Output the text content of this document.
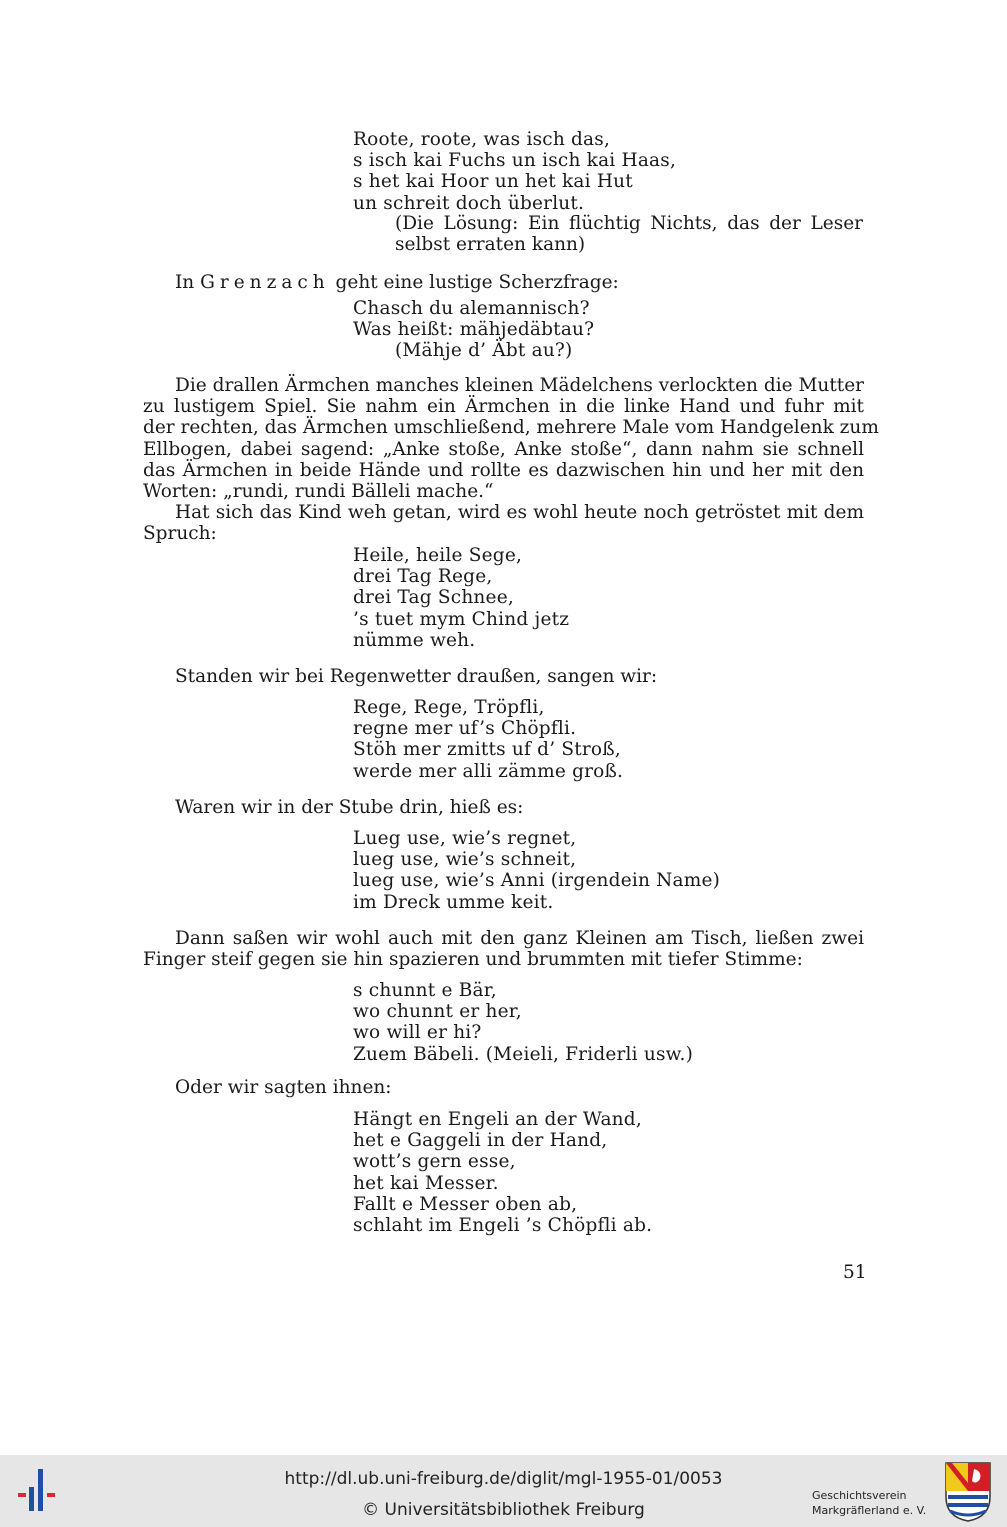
Roote, roote, was isch das,
s isch kai Fuchs un isch kai Haas,
s het kai Hoor un het kai Hut
un schreit doch überlut.
(Die Lösung: Ein flüchtig Nichts, das der Leser selbst erraten kann)
In Grenzach geht eine lustige Scherzfrage:
Chasch du alemannisch?
Was heißt: mähjedäbtau?
(Mähje d’ Äbt au?)
Die drallen Ärmchen manches kleinen Mädelchens verlockten die Mutter
zu lustigem Spiel. Sie nahm ein Ärmchen in die linke Hand und fuhr mit
der rechten, das Ärmchen umschließend, mehrere Male vom Handgelenk zum
Ellbogen, dabei sagend: „Anke stoße, Anke stoße“, dann nahm sie schnell
das Ärmchen in beide Hände und rollte es dazwischen hin und her mit den
Worten: „rundi, rundi Bälleli mache.“
Hat sich das Kind weh getan, wird es wohl heute noch getröstet mit dem
Spruch:
Heile, heile Sege,
drei Tag Rege,
drei Tag Schnee,
’s tuet mym Chind jetz
nümme weh.
Standen wir bei Regenwetter draußen, sangen wir:
Rege, Rege, Tröpfli,
regne mer uf’s Chöpfli.
Stöh mer zmitts uf d’ Stroß,
werde mer alli zämme groß.
Waren wir in der Stube drin, hieß es:
Lueg use, wie’s regnet,
lueg use, wie’s schneit,
lueg use, wie’s Anni (irgendein Name)
im Dreck umme keit.
Dann saßen wir wohl auch mit den ganz Kleinen am Tisch, ließen zwei
Finger steif gegen sie hin spazieren und brummten mit tiefer Stimme:
s chunnt e Bär,
wo chunnt er her,
wo will er hi?
Zuem Bäbeli. (Meieli, Friderli usw.)
Oder wir sagten ihnen:
Hängt en Engeli an der Wand,
het e Gaggeli in der Hand,
wott’s gern esse,
het kai Messer.
Fallt e Messer oben ab,
schlaht im Engeli ’s Chöpfli ab.
51
http://dl.ub.uni-freiburg.de/diglit/mgl-1955-01/0053
© Universitätsbibliothek Freiburg
Geschichtsverein
Markgräflerland e. V.
